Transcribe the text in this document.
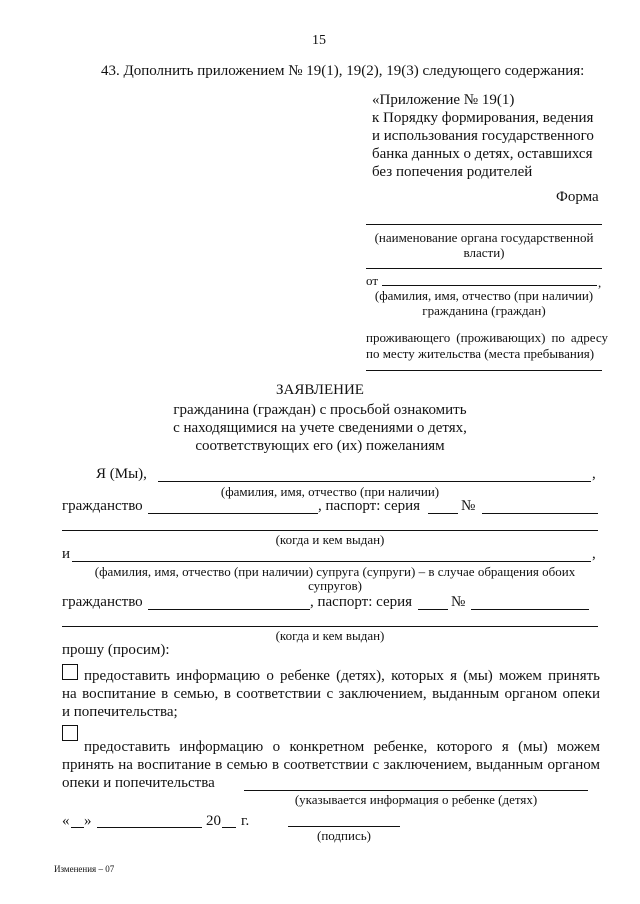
15
43. Дополнить приложением № 19(1), 19(2), 19(3) следующего содержания:
«Приложение № 19(1)
к Порядку формирования, ведения
и использования государственного
банка данных о детях, оставшихся
без попечения родителей
Форма
(наименование органа государственной
власти)
от	,
(фамилия, имя, отчество (при наличии)
гражданина (граждан)
проживающего (проживающих) по адресу
по месту жительства (места пребывания)
ЗАЯВЛЕНИЕ
гражданина (граждан) с просьбой ознакомить
с находящимися на учете сведениями о детях,
соответствующих его (их) пожеланиям
Я (Мы),	,
(фамилия, имя, отчество (при наличии)
гражданство	, паспорт: серия	№
(когда и кем выдан)
и	,
(фамилия, имя, отчество (при наличии) супруга (супруги) – в случае обращения обоих
супругов)
гражданство	, паспорт: серия	№
(когда и кем выдан)
прошу (просим):
предоставить информацию о ребенке (детях), которых я (мы) можем принять
на воспитание в семью, в соответствии с заключением, выданным органом опеки
и попечительства;
предоставить информацию о конкретном ребенке, которого я (мы) можем
принять на воспитание в семью в соответствии с заключением, выданным органом
опеки и попечительства
(указывается информация о ребенке (детях)
« »	20 г.
(подпись)
Изменения – 07
